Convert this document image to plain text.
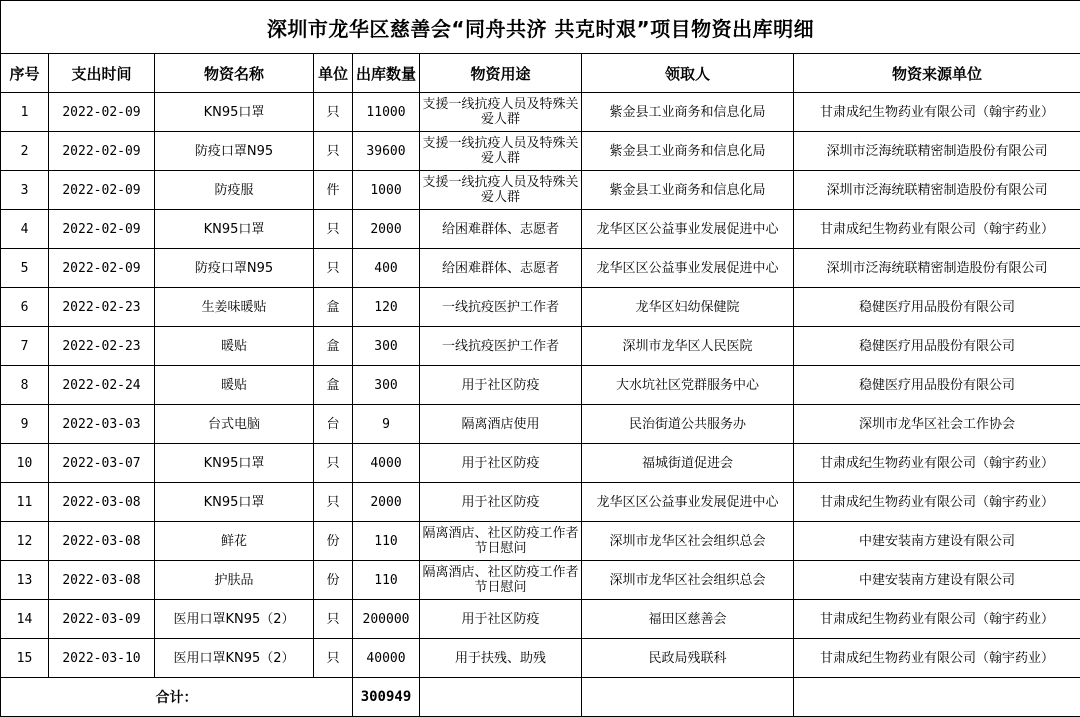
深圳市龙华区慈善会“同舟共济 共克时艰”项目物资出库明细							
序号	支出时间	物资名称	单位	出库数量	物资用途	领取人	物资来源单位
1	2022-02-09	KN95口罩	只	11000	支援一线抗疫人员及特殊关爱人群	紫金县工业商务和信息化局	甘肃成纪生物药业有限公司（翰宇药业）
2	2022-02-09	防疫口罩N95	只	39600	支援一线抗疫人员及特殊关爱人群	紫金县工业商务和信息化局	深圳市泛海统联精密制造股份有限公司
3	2022-02-09	防疫服	件	1000	支援一线抗疫人员及特殊关爱人群	紫金县工业商务和信息化局	深圳市泛海统联精密制造股份有限公司
4	2022-02-09	KN95口罩	只	2000	给困难群体、志愿者	龙华区区公益事业发展促进中心	甘肃成纪生物药业有限公司（翰宇药业）
5	2022-02-09	防疫口罩N95	只	400	给困难群体、志愿者	龙华区区公益事业发展促进中心	深圳市泛海统联精密制造股份有限公司
6	2022-02-23	生姜味暖贴	盒	120	一线抗疫医护工作者	龙华区妇幼保健院	稳健医疗用品股份有限公司
7	2022-02-23	暖贴	盒	300	一线抗疫医护工作者	深圳市龙华区人民医院	稳健医疗用品股份有限公司
8	2022-02-24	暖贴	盒	300	用于社区防疫	大水坑社区党群服务中心	稳健医疗用品股份有限公司
9	2022-03-03	台式电脑	台	9	隔离酒店使用	民治街道公共服务办	深圳市龙华区社会工作协会
10	2022-03-07	KN95口罩	只	4000	用于社区防疫	福城街道促进会	甘肃成纪生物药业有限公司（翰宇药业）
11	2022-03-08	KN95口罩	只	2000	用于社区防疫	龙华区区公益事业发展促进中心	甘肃成纪生物药业有限公司（翰宇药业）
12	2022-03-08	鲜花	份	110	隔离酒店、社区防疫工作者节日慰问	深圳市龙华区社会组织总会	中建安装南方建设有限公司
13	2022-03-08	护肤品	份	110	隔离酒店、社区防疫工作者节日慰问	深圳市龙华区社会组织总会	中建安装南方建设有限公司
14	2022-03-09	医用口罩KN95（2）	只	200000	用于社区防疫	福田区慈善会	甘肃成纪生物药业有限公司（翰宇药业）
15	2022-03-10	医用口罩KN95（2）	只	40000	用于扶残、助残	民政局残联科	甘肃成纪生物药业有限公司（翰宇药业）
合计：				300949			
